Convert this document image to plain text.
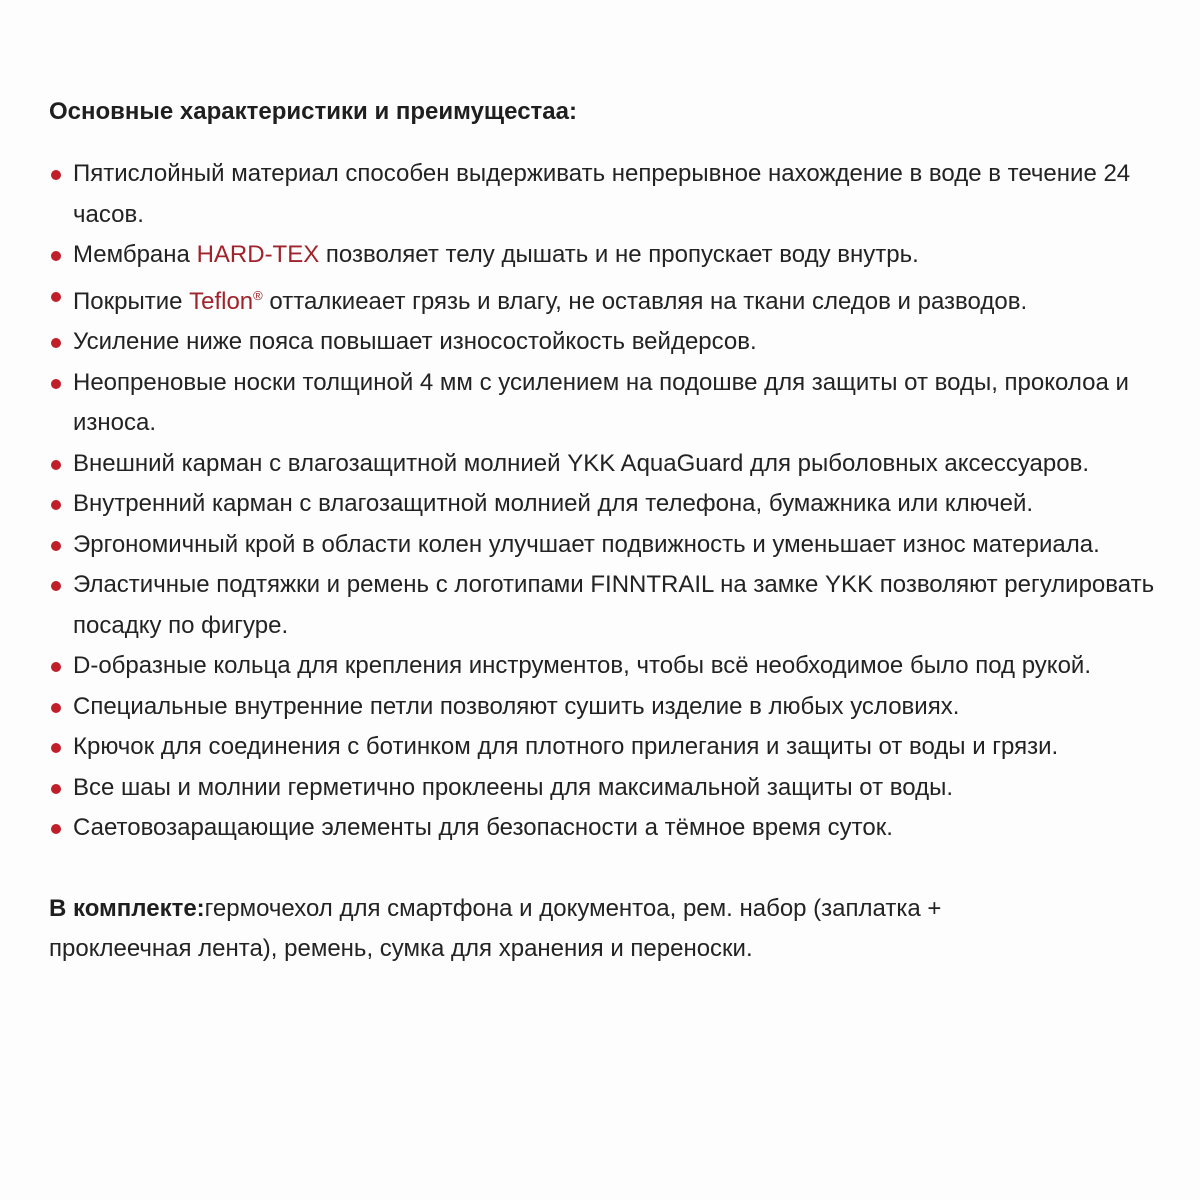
Основные характеристики и преимущестаа:
Пятислойный материал способен выдерживать непрерывное нахождение в воде в течение 24 часов.
Мембрана HARD-TEX позволяет телу дышать и не пропускает воду внутрь.
Покрытие Teflon® отталкиеает грязь и влагу, не оставляя на ткани следов и разводов.
Усиление ниже пояса повышает износостойкость вейдерсов.
Неопреновые носки толщиной 4 мм с усилением на подошве для защиты от воды, проколоа и износа.
Внешний карман с влагозащитной молнией YKK AquaGuard для рыболовных аксессуаров.
Внутренний карман с влагозащитной молнией для телефона, бумажника или ключей.
Эргономичный крой в области колен улучшает подвижность и уменьшает износ материала.
Эластичные подтяжки и ремень с логотипами FINNTRAIL на замке YKK позволяют регулировать посадку по фигуре.
D-образные кольца для крепления инструментов, чтобы всё необходимое было под рукой.
Специальные внутренние петли позволяют сушить изделие в любых условиях.
Крючок для соединения с ботинком для плотного прилегания и защиты от воды и грязи.
Все шаы и молнии герметично проклеены для максимальной защиты от воды.
Саетовозаращающие элементы для безопасности а тёмное время суток.
В комплекте:гермочехол для смартфона и документоа, рем. набор (заплатка + проклеечная лента), ремень, сумка для хранения и переноски.
